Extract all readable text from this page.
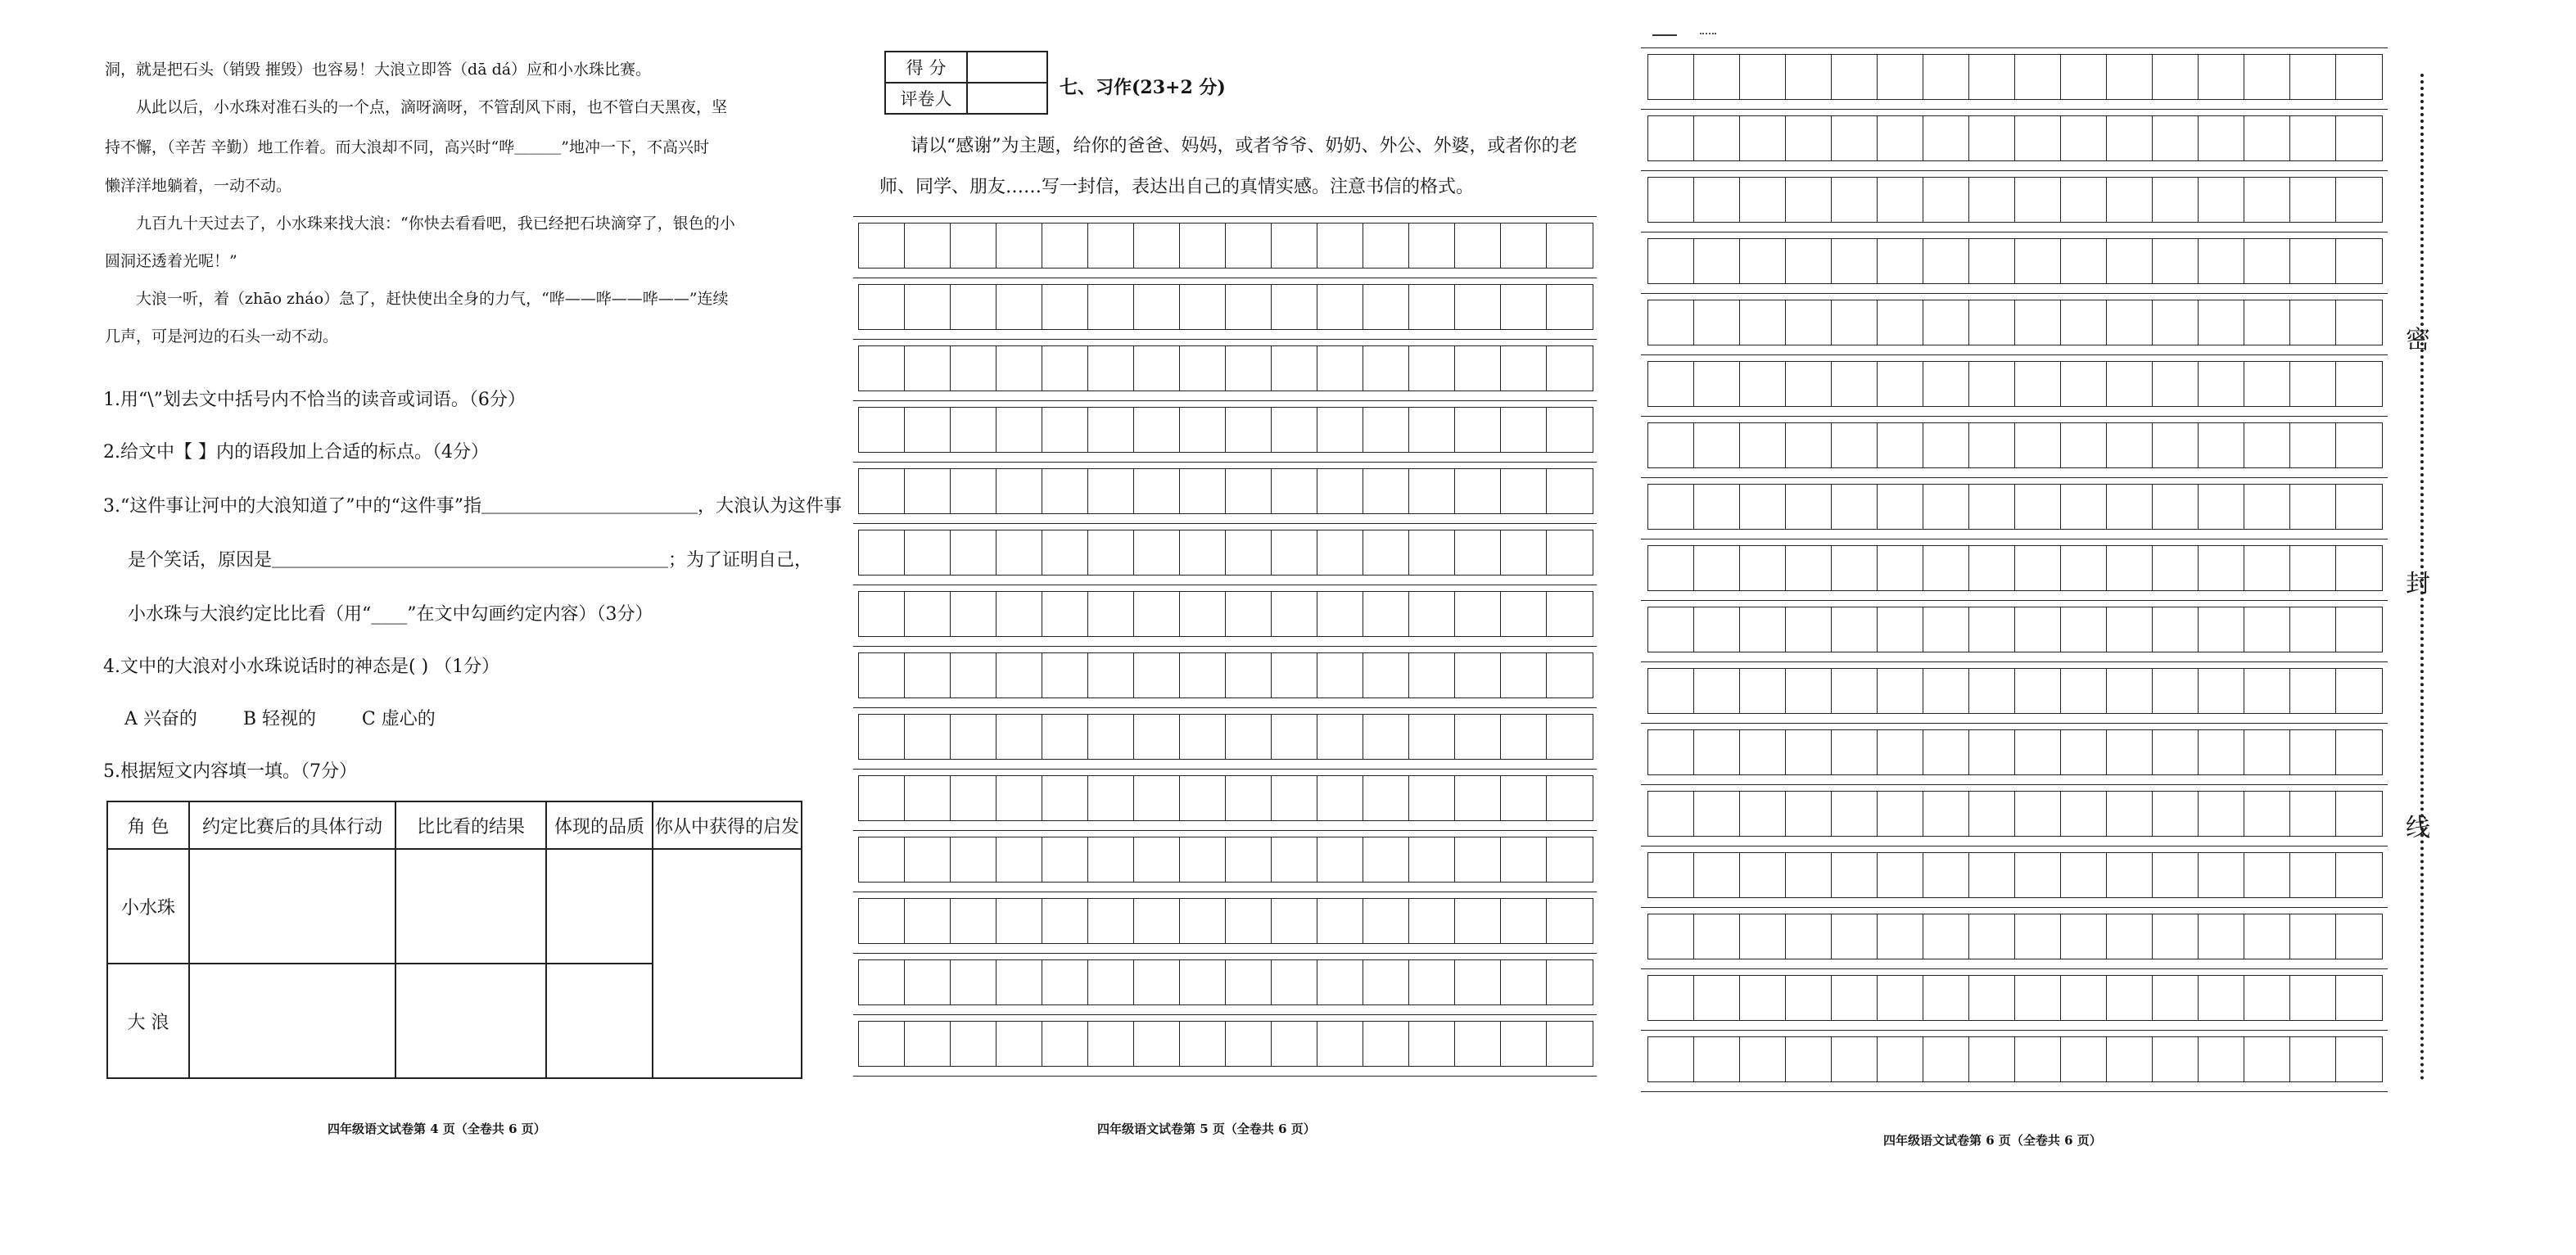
洞，就是把石头（销毁 摧毁）也容易！大浪立即答（dā dá）应和小水珠比赛。
从此以后，小水珠对准石头的一个点，滴呀滴呀，不管刮风下雨，也不管白天黑夜，坚
持不懈，（辛苦 辛勤）地工作着。而大浪却不同，高兴时“哗＿＿＿”地冲一下，不高兴时
懒洋洋地躺着，一动不动。
九百九十天过去了，小水珠来找大浪：“你快去看看吧，我已经把石块滴穿了，银色的小
圆洞还透着光呢！”
大浪一听，着（zhāo zháo）急了，赶快使出全身的力气，“哗——哗——哗——”连续
几声，可是河边的石头一动不动。
1.用“\”划去文中括号内不恰当的读音或词语。（6分）
2.给文中【 】内的语段加上合适的标点。（4分）
3.“这件事让河中的大浪知道了”中的“这件事”指＿＿＿＿＿＿＿＿＿＿＿＿，大浪认为这件事
是个笑话，原因是＿＿＿＿＿＿＿＿＿＿＿＿＿＿＿＿＿＿＿＿＿＿；为了证明自己，
小水珠与大浪约定比比看（用“____”在文中勾画约定内容）（3分）
4.文中的大浪对小水珠说话时的神态是( ) （1分）
A 兴奋的        B 轻视的        C 虚心的
5.根据短文内容填一填。（7分）
角 色	约定比赛后的具体行动	比比看的结果	体现的品质	你从中获得的启发
小水珠				
大 浪				
四年级语文试卷第 4 页（全卷共 6 页）
得 分	
评卷人	
七、习作(23+2 分)
请以“感谢”为主题，给你的爸爸、妈妈，或者爷爷、奶奶、外公、外婆，或者你的老
师、同学、朋友……写一封信，表达出自己的真情实感。注意书信的格式。
四年级语文试卷第 5 页（全卷共 6 页）
密
封
线
四年级语文试卷第 6 页（全卷共 6 页）
